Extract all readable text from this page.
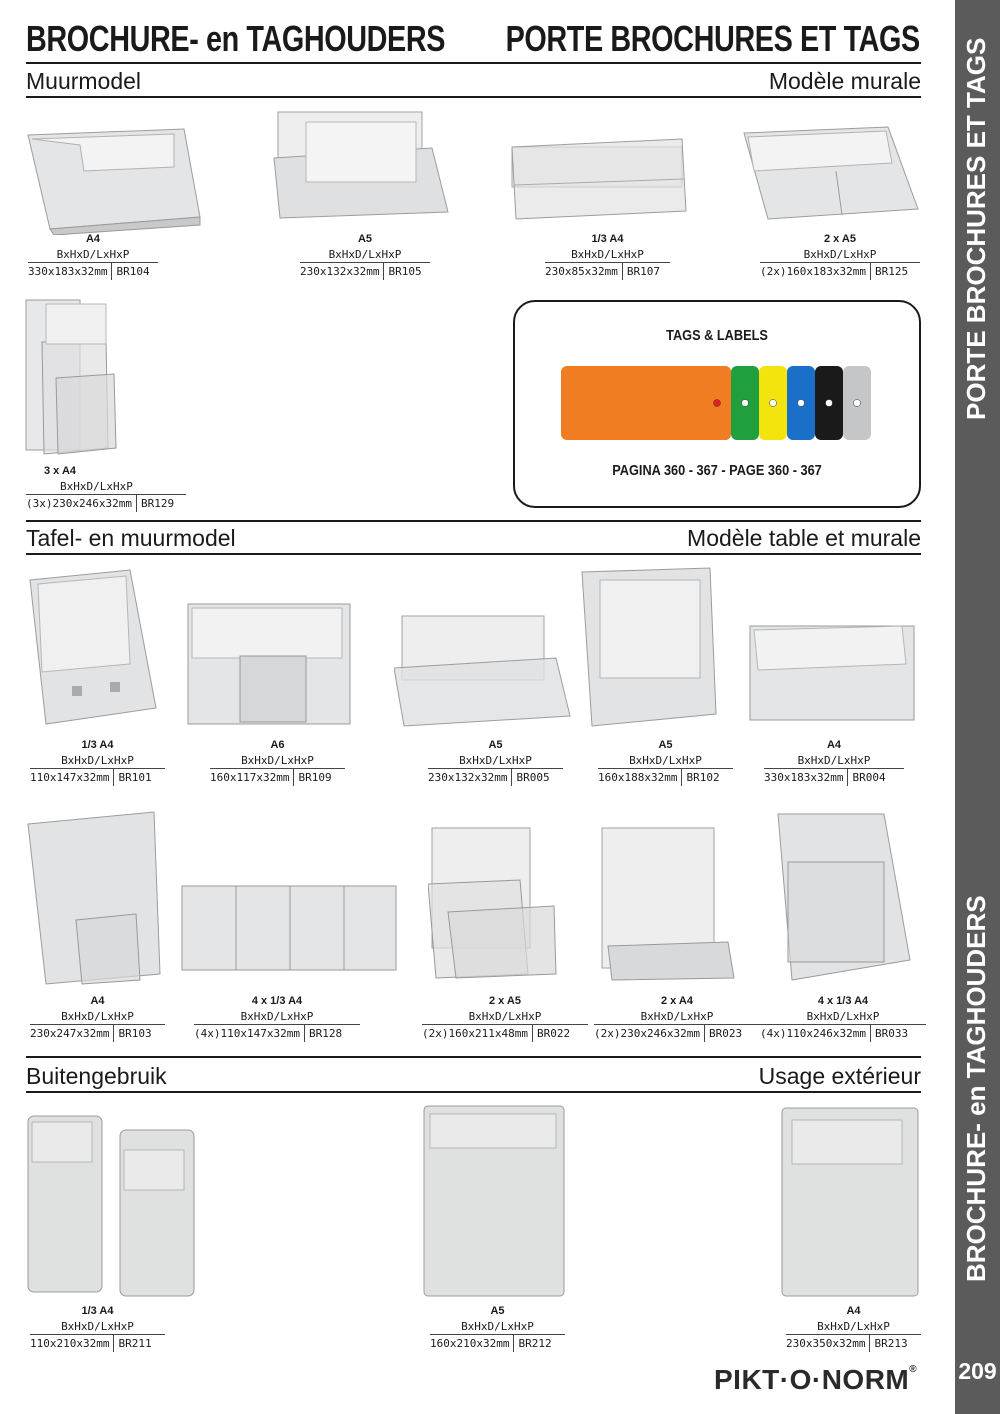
BROCHURE- en TAGHOUDERS PORTE BROCHURES ET TAGS
Muurmodel	Modèle murale
Tafel- en muurmodel	Modèle table et murale
Buitengebruik	Usage extérieur
TAGS & LABELS
PAGINA 360 - 367 - PAGE 360 - 367
A4
BxHxD/LxHxP
330x183x32mm BR104
A5
BxHxD/LxHxP
230x132x32mm BR105
1/3 A4
BxHxD/LxHxP
230x85x32mm BR107
2 x A5
BxHxD/LxHxP
(2x)160x183x32mm BR125
3 x A4
BxHxD/LxHxP
(3x)230x246x32mm BR129
1/3 A4
BxHxD/LxHxP
110x147x32mm BR101
A6
BxHxD/LxHxP
160x117x32mm BR109
A5
BxHxD/LxHxP
230x132x32mm BR005
A5
BxHxD/LxHxP
160x188x32mm BR102
A4
BxHxD/LxHxP
330x183x32mm BR004
A4
BxHxD/LxHxP
230x247x32mm BR103
4 x 1/3 A4
BxHxD/LxHxP
(4x)110x147x32mm BR128
2 x A5
BxHxD/LxHxP
(2x)160x211x48mm BR022
2 x A4
BxHxD/LxHxP
(2x)230x246x32mm BR023
4 x 1/3 A4
BxHxD/LxHxP
(4x)110x246x32mm BR033
1/3 A4
BxHxD/LxHxP
110x210x32mm BR211
A5
BxHxD/LxHxP
160x210x32mm BR212
A4
BxHxD/LxHxP
230x350x32mm BR213
PORTE BROCHURES ET TAGS
BROCHURE- en TAGHOUDERS
209
PIKT·O·NORM®
